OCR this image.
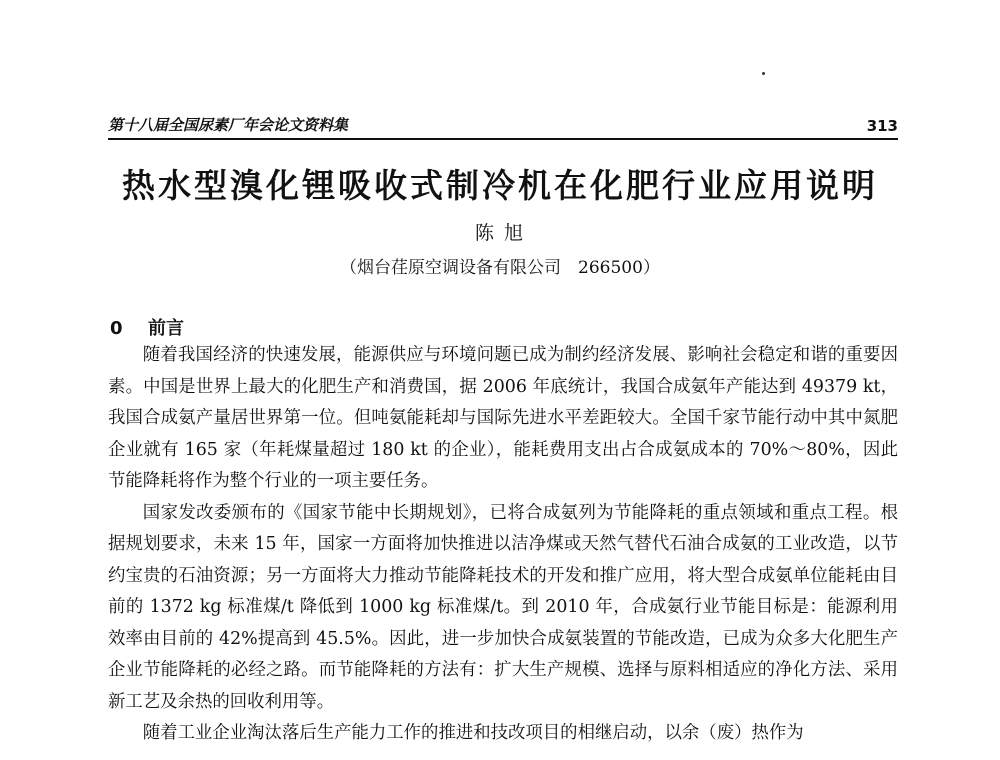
第十八届全国尿素厂年会论文资料集	313
热水型溴化锂吸收式制冷机在化肥行业应用说明
陈 旭
（烟台荏原空调设备有限公司　266500）
0 前言

随着我国经济的快速发展，能源供应与环境问题已成为制约经济发展、影响社会稳定和谐的重要因素。中国是世界上最大的化肥生产和消费国，据 2006 年底统计，我国合成氨年产能达到 49379 kt，我国合成氨产量居世界第一位。但吨氨能耗却与国际先进水平差距较大。全国千家节能行动中其中氮肥企业就有 165 家（年耗煤量超过 180 kt 的企业），能耗费用支出占合成氨成本的 70%～80%，因此节能降耗将作为整个行业的一项主要任务。

国家发改委颁布的《国家节能中长期规划》，已将合成氨列为节能降耗的重点领域和重点工程。根据规划要求，未来 15 年，国家一方面将加快推进以洁净煤或天然气替代石油合成氨的工业改造，以节约宝贵的石油资源；另一方面将大力推动节能降耗技术的开发和推广应用，将大型合成氨单位能耗由目前的 1372 kg 标准煤/t 降低到 1000 kg 标准煤/t。到 2010 年，合成氨行业节能目标是：能源利用效率由目前的 42%提高到 45.5%。因此，进一步加快合成氨装置的节能改造，已成为众多大化肥生产企业节能降耗的必经之路。而节能降耗的方法有：扩大生产规模、选择与原料相适应的净化方法、采用新工艺及余热的回收利用等。

随着工业企业淘汰落后生产能力工作的推进和技改项目的相继启动，以余（废）热作为
